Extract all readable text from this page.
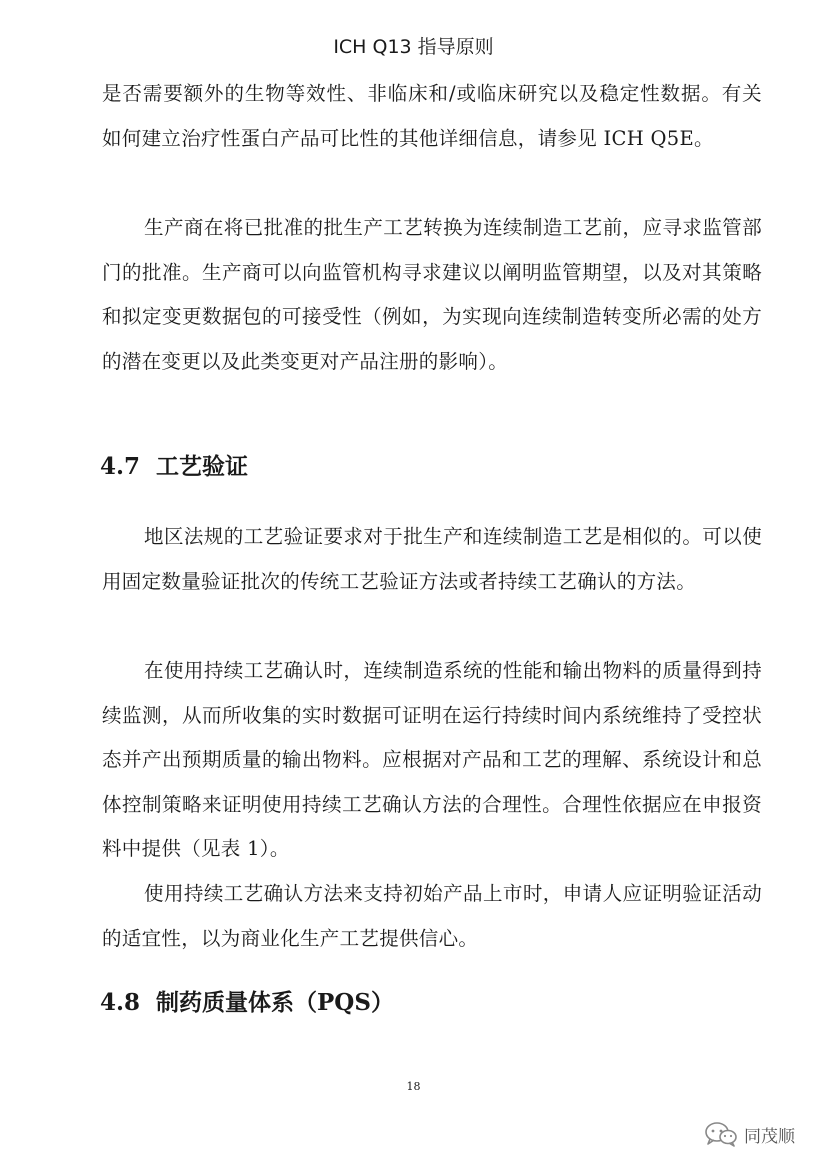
ICH Q13 指导原则

是否需要额外的生物等效性、非临床和/或临床研究以及稳定性数据。有关如何建立治疗性蛋白产品可比性的其他详细信息，请参见 ICH Q5E。

生产商在将已批准的批生产工艺转换为连续制造工艺前，应寻求监管部门的批准。生产商可以向监管机构寻求建议以阐明监管期望，以及对其策略和拟定变更数据包的可接受性（例如，为实现向连续制造转变所必需的处方的潜在变更以及此类变更对产品注册的影响）。

4.7 工艺验证

地区法规的工艺验证要求对于批生产和连续制造工艺是相似的。可以使用固定数量验证批次的传统工艺验证方法或者持续工艺确认的方法。

在使用持续工艺确认时，连续制造系统的性能和输出物料的质量得到持续监测，从而所收集的实时数据可证明在运行持续时间内系统维持了受控状态并产出预期质量的输出物料。应根据对产品和工艺的理解、系统设计和总体控制策略来证明使用持续工艺确认方法的合理性。合理性依据应在申报资料中提供（见表 1）。

使用持续工艺确认方法来支持初始产品上市时，申请人应证明验证活动的适宜性，以为商业化生产工艺提供信心。

4.8 制药质量体系（PQS）
18
同茂顺
